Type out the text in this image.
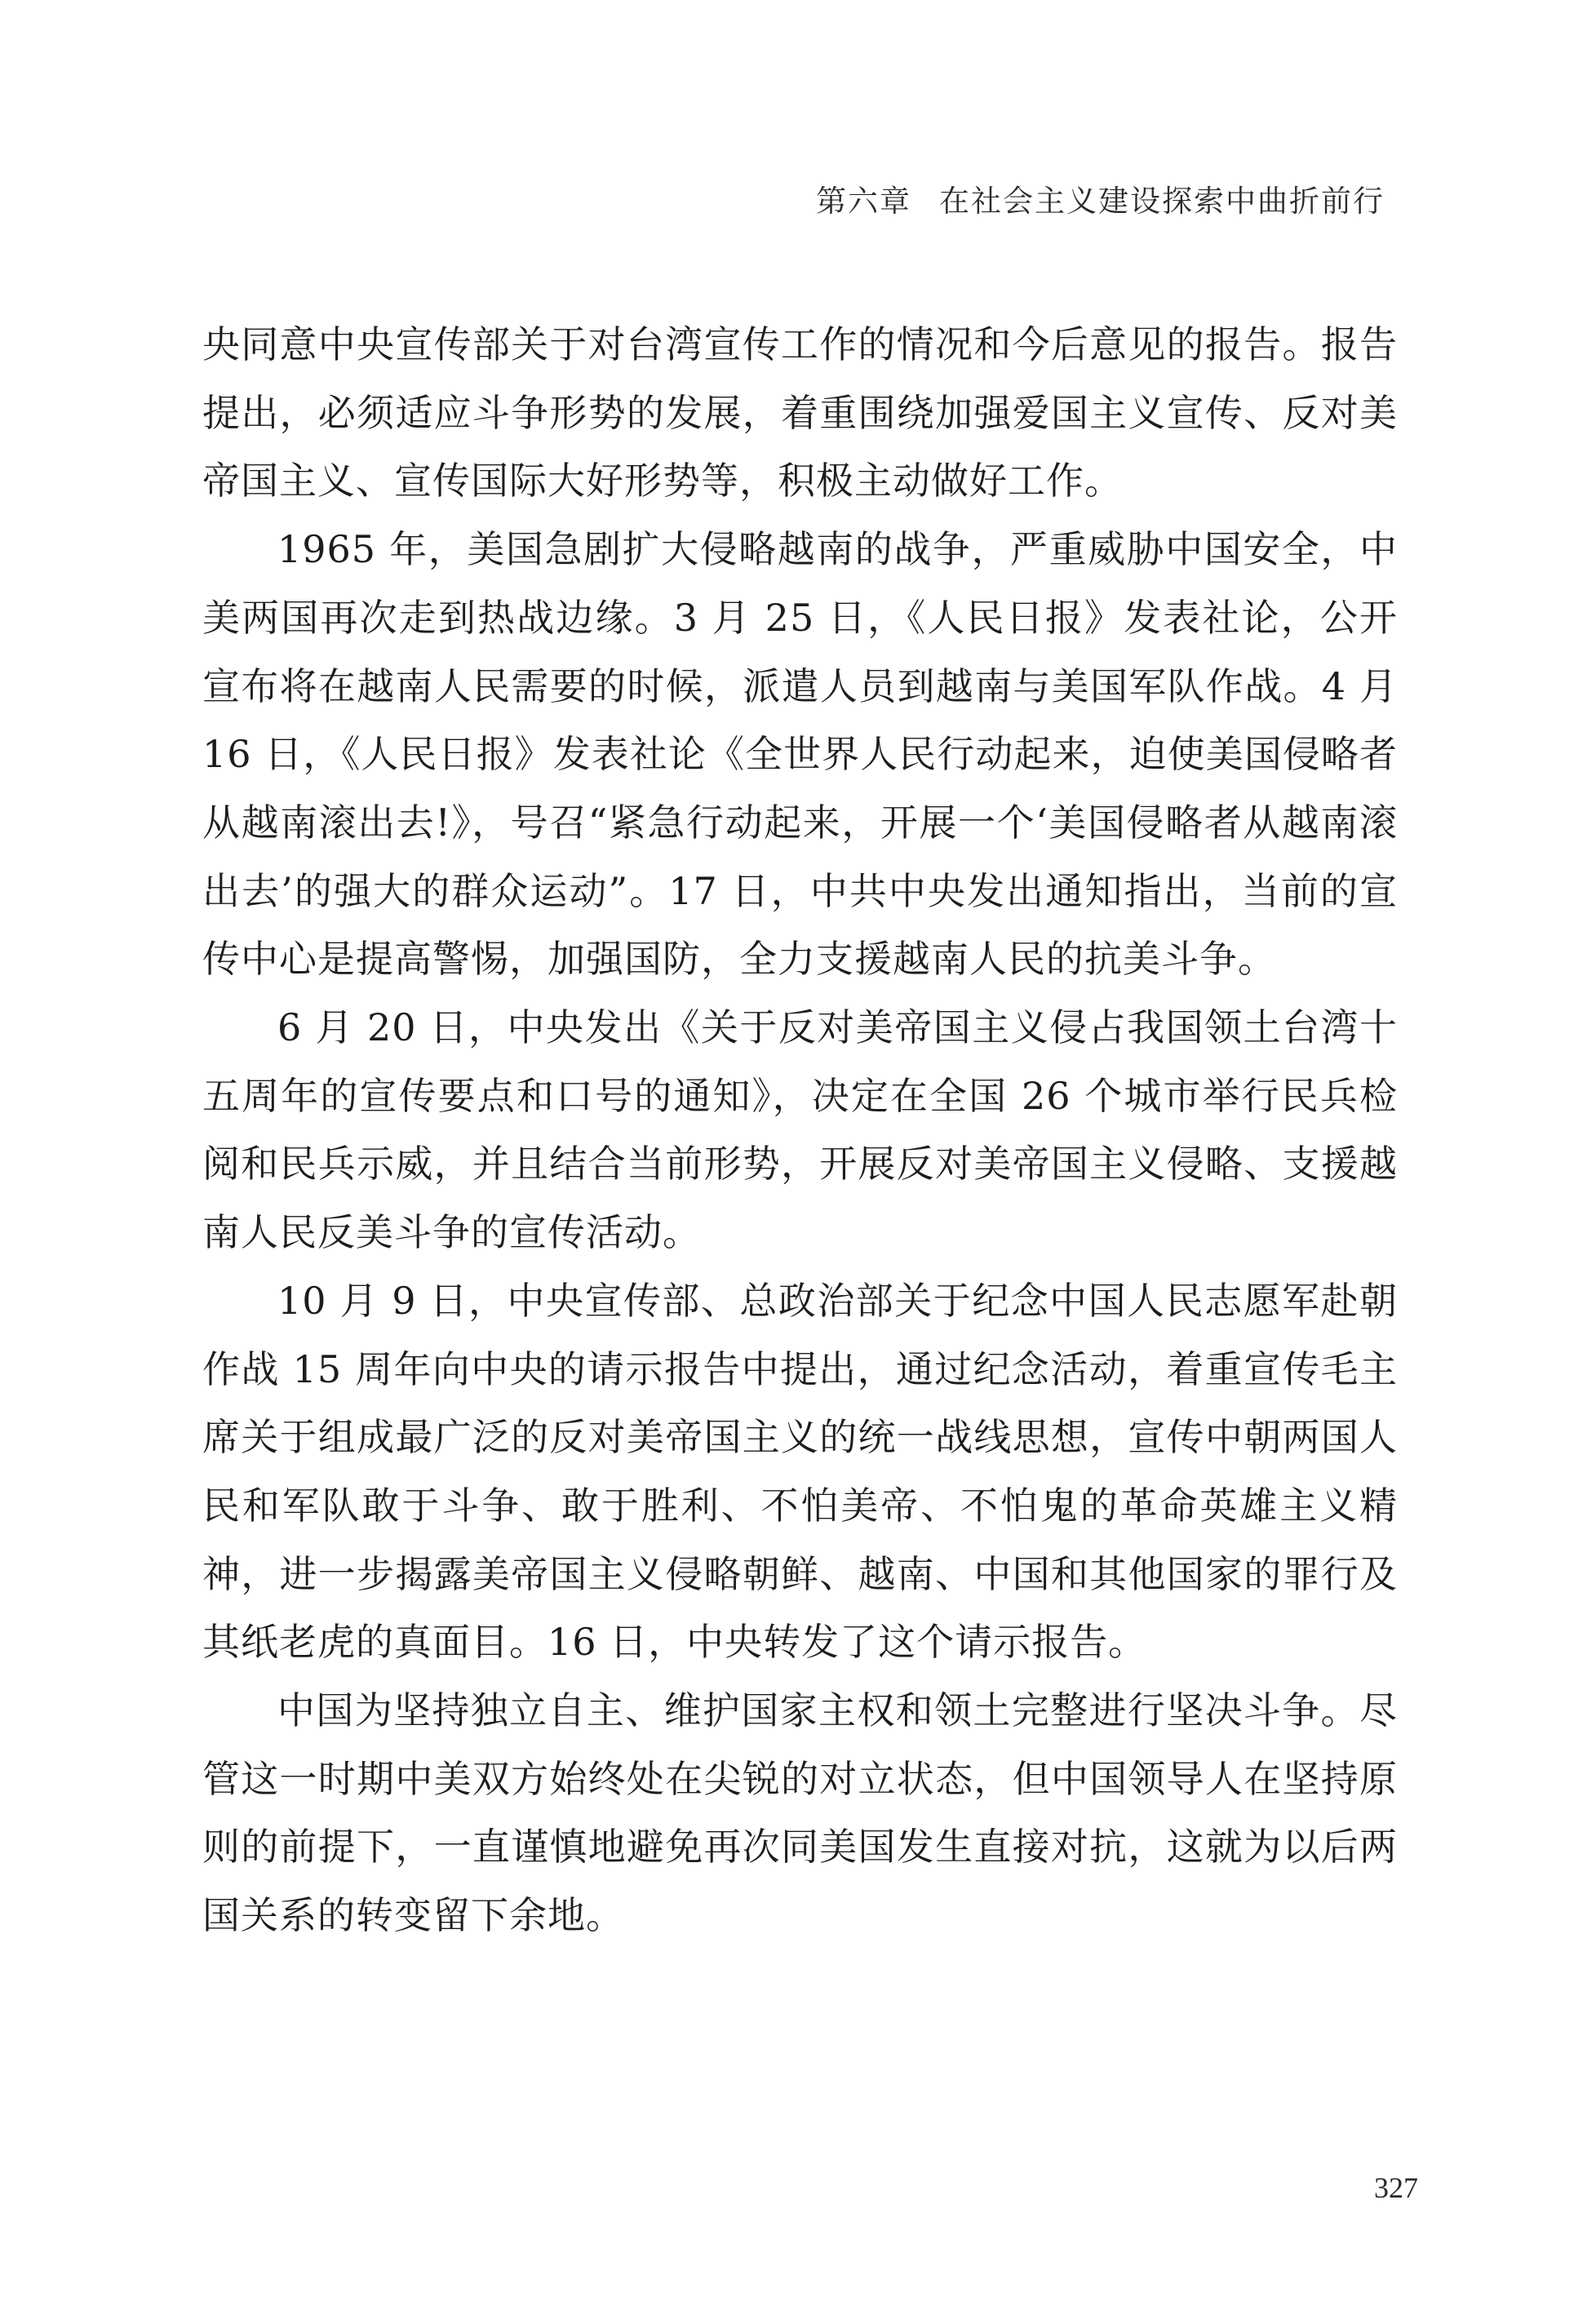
第六章 在社会主义建设探索中曲折前行

央同意中央宣传部关于对台湾宣传工作的情况和今后意见的报告。报告提出，必须适应斗争形势的发展，着重围绕加强爱国主义宣传、反对美帝国主义、宣传国际大好形势等，积极主动做好工作。

1965 年，美国急剧扩大侵略越南的战争，严重威胁中国安全，中美两国再次走到热战边缘。3 月 25 日，《人民日报》发表社论，公开宣布将在越南人民需要的时候，派遣人员到越南与美国军队作战。4 月 16 日，《人民日报》发表社论《全世界人民行动起来，迫使美国侵略者从越南滚出去!》，号召“紧急行动起来，开展一个‘美国侵略者从越南滚出去’的强大的群众运动”。17 日，中共中央发出通知指出，当前的宣传中心是提高警惕，加强国防，全力支援越南人民的抗美斗争。

6 月 20 日，中央发出《关于反对美帝国主义侵占我国领土台湾十五周年的宣传要点和口号的通知》，决定在全国 26 个城市举行民兵检阅和民兵示威，并且结合当前形势，开展反对美帝国主义侵略、支援越南人民反美斗争的宣传活动。

10 月 9 日，中央宣传部、总政治部关于纪念中国人民志愿军赴朝作战 15 周年向中央的请示报告中提出，通过纪念活动，着重宣传毛主席关于组成最广泛的反对美帝国主义的统一战线思想，宣传中朝两国人民和军队敢于斗争、敢于胜利、不怕美帝、不怕鬼的革命英雄主义精神，进一步揭露美帝国主义侵略朝鲜、越南、中国和其他国家的罪行及其纸老虎的真面目。16 日，中央转发了这个请示报告。

中国为坚持独立自主、维护国家主权和领土完整进行坚决斗争。尽管这一时期中美双方始终处在尖锐的对立状态，但中国领导人在坚持原则的前提下，一直谨慎地避免再次同美国发生直接对抗，这就为以后两国关系的转变留下余地。

327
